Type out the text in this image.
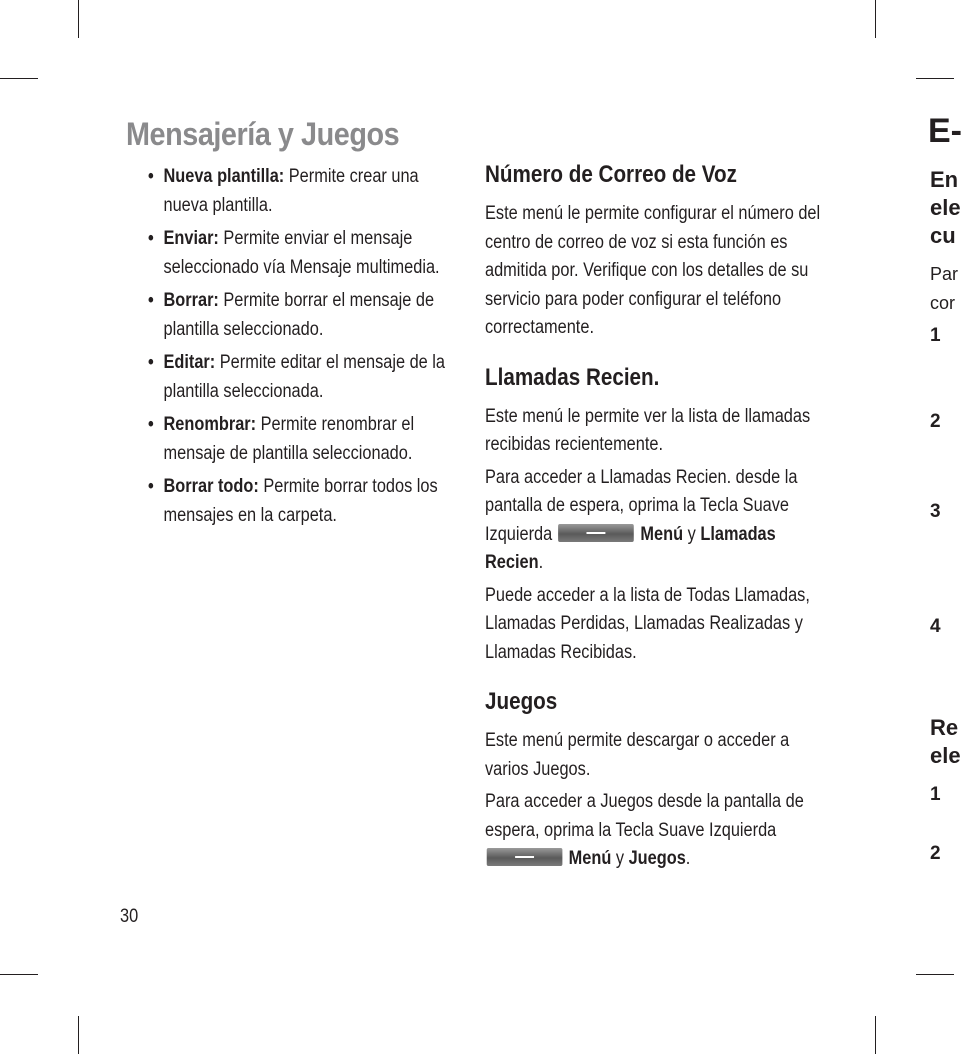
Mensajería y Juegos
• Nueva plantilla: Permite crear una nueva plantilla.
• Enviar: Permite enviar el mensaje seleccionado vía Mensaje multimedia.
• Borrar: Permite borrar el mensaje de plantilla seleccionado.
• Editar: Permite editar el mensaje de la plantilla seleccionada.
• Renombrar: Permite renombrar el mensaje de plantilla seleccionado.
• Borrar todo: Permite borrar todos los mensajes en la carpeta.
Número de Correo de Voz

Este menú le permite configurar el número del centro de correo de voz si esta función es admitida por. Verifique con los detalles de su servicio para poder configurar el teléfono correctamente.

Llamadas Recien.

Este menú le permite ver la lista de llamadas recibidas recientemente.

Para acceder a Llamadas Recien. desde la pantalla de espera, oprima la Tecla Suave Izquierda	Menú y Llamadas Recien.

Puede acceder a la lista de Todas Llamadas, Llamadas Perdidas, Llamadas Realizadas y Llamadas Recibidas.

Juegos

Este menú permite descargar o acceder a varios Juegos.

Para acceder a Juegos desde la pantalla de espera, oprima la Tecla Suave Izquierda  Menú y Juegos.

E-
En
ele
cu
Par
cor
1
2
3
4
Re
ele
1
2
30
